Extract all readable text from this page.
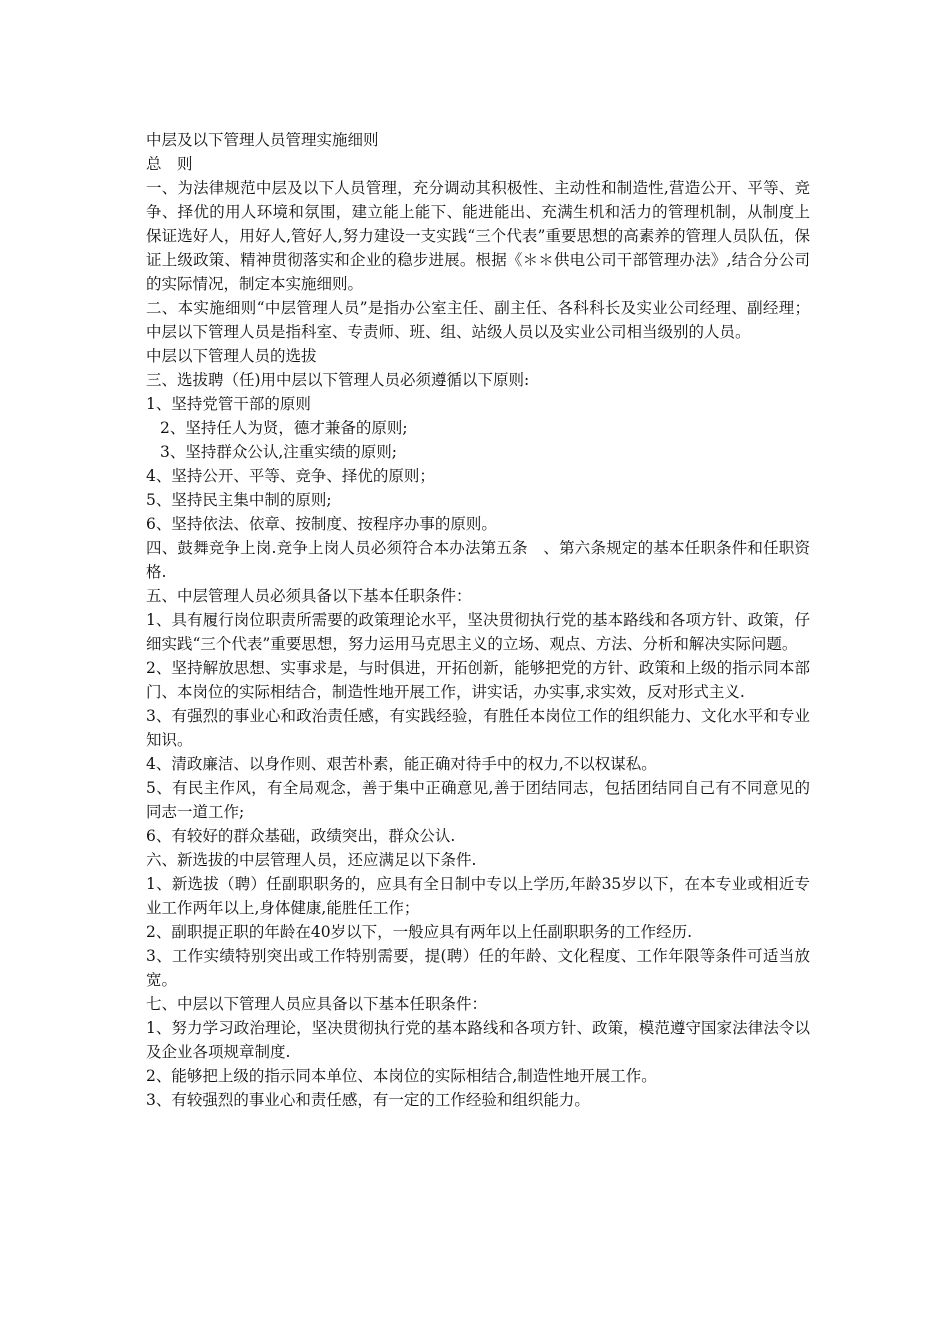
中层及以下管理人员管理实施细则

总　则

一、为法律规范中层及以下人员管理，充分调动其积极性、主动性和制造性,营造公开、平等、竞争、择优的用人环境和氛围，建立能上能下、能进能出、充满生机和活力的管理机制，从制度上保证选好人，用好人,管好人,努力建设一支实践“三个代表”重要思想的高素养的管理人员队伍，保证上级政策、精神贯彻落实和企业的稳步进展。根据《＊＊供电公司干部管理办法》,结合分公司的实际情况，制定本实施细则。

二、本实施细则“中层管理人员”是指办公室主任、副主任、各科科长及实业公司经理、副经理；中层以下管理人员是指科室、专责师、班、组、站级人员以及实业公司相当级别的人员。

中层以下管理人员的选拔

三、选拔聘（任)用中层以下管理人员必须遵循以下原则:

1、坚持党管干部的原则

2、坚持任人为贤，德才兼备的原则;

3、坚持群众公认,注重实绩的原则;

4、坚持公开、平等、竞争、择优的原则；

5、坚持民主集中制的原则;

6、坚持依法、依章、按制度、按程序办事的原则。

四、鼓舞竞争上岗.竞争上岗人员必须符合本办法第五条　、第六条规定的基本任职条件和任职资格.

五、中层管理人员必须具备以下基本任职条件：

1、具有履行岗位职责所需要的政策理论水平，坚决贯彻执行党的基本路线和各项方针、政策，仔细实践“三个代表”重要思想，努力运用马克思主义的立场、观点、方法、分析和解决实际问题。

2、坚持解放思想、实事求是，与时俱进，开拓创新，能够把党的方针、政策和上级的指示同本部门、本岗位的实际相结合，制造性地开展工作，讲实话，办实事,求实效，反对形式主义.

3、有强烈的事业心和政治责任感，有实践经验，有胜任本岗位工作的组织能力、文化水平和专业知识。

4、清政廉洁、以身作则、艰苦朴素，能正确对待手中的权力,不以权谋私。

5、有民主作风，有全局观念，善于集中正确意见,善于团结同志，包括团结同自己有不同意见的同志一道工作;

6、有较好的群众基础，政绩突出，群众公认.

六、新选拔的中层管理人员，还应满足以下条件.

1、新选拔（聘）任副职职务的，应具有全日制中专以上学历,年龄35岁以下，在本专业或相近专业工作两年以上,身体健康,能胜任工作；

2、副职提正职的年龄在40岁以下，一般应具有两年以上任副职职务的工作经历.

3、工作实绩特别突出或工作特别需要，提(聘）任的年龄、文化程度、工作年限等条件可适当放宽。

七、中层以下管理人员应具备以下基本任职条件：

1、努力学习政治理论，坚决贯彻执行党的基本路线和各项方针、政策，模范遵守国家法律法令以及企业各项规章制度.

2、能够把上级的指示同本单位、本岗位的实际相结合,制造性地开展工作。

3、有较强烈的事业心和责任感，有一定的工作经验和组织能力。
